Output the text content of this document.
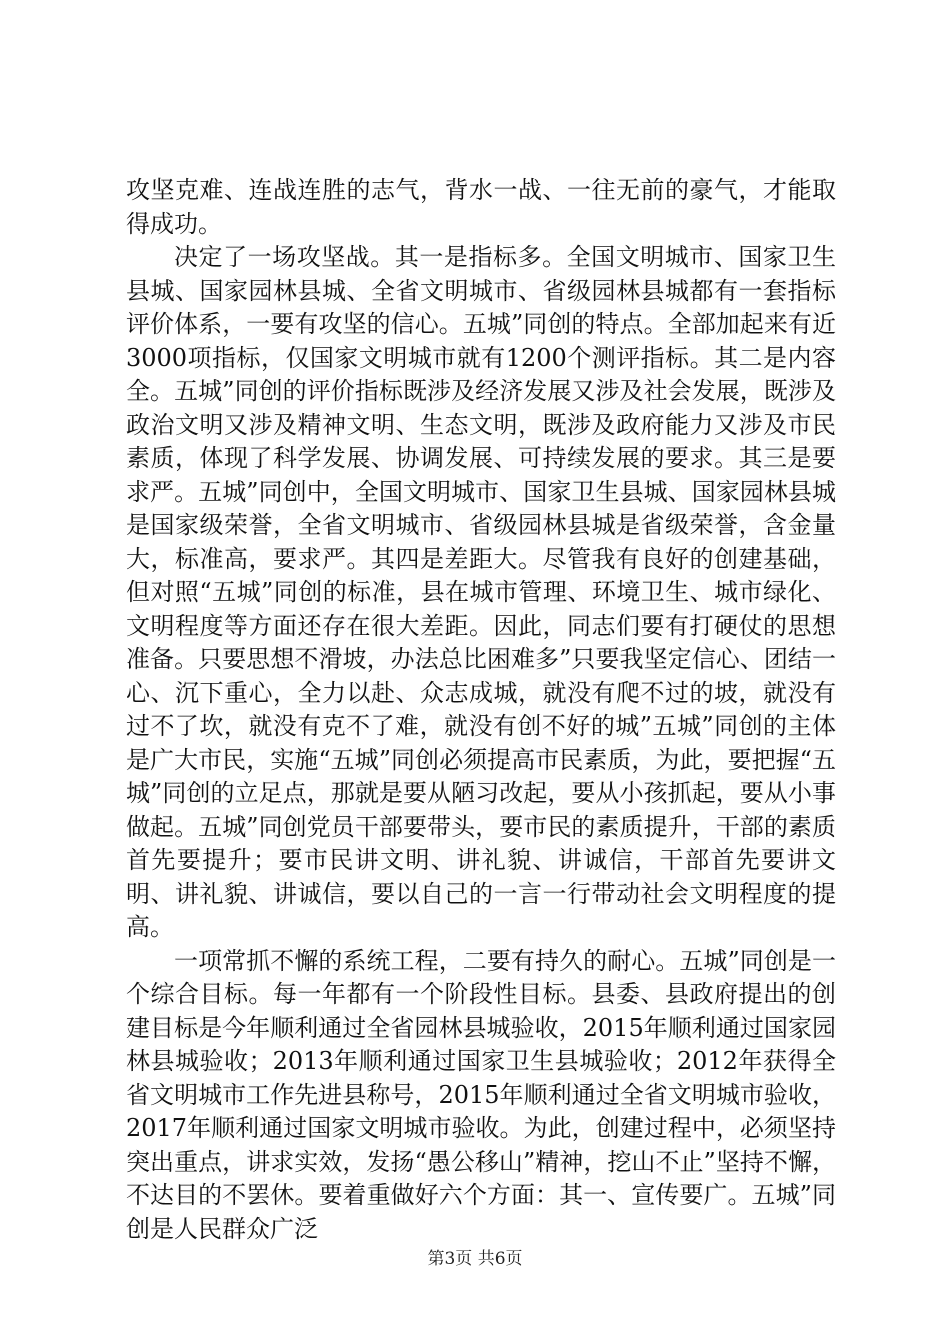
攻坚克难、连战连胜的志气，背水一战、一往无前的豪气，才能取得成功。

决定了一场攻坚战。其一是指标多。全国文明城市、国家卫生县城、国家园林县城、全省文明城市、省级园林县城都有一套指标评价体系，一要有攻坚的信心。五城”同创的特点。全部加起来有近3000项指标，仅国家文明城市就有1200个测评指标。其二是内容全。五城”同创的评价指标既涉及经济发展又涉及社会发展，既涉及政治文明又涉及精神文明、生态文明，既涉及政府能力又涉及市民素质，体现了科学发展、协调发展、可持续发展的要求。其三是要求严。五城”同创中，全国文明城市、国家卫生县城、国家园林县城是国家级荣誉，全省文明城市、省级园林县城是省级荣誉，含金量大，标准高，要求严。其四是差距大。尽管我有良好的创建基础，但对照“五城”同创的标准，县在城市管理、环境卫生、城市绿化、文明程度等方面还存在很大差距。因此，同志们要有打硬仗的思想准备。只要思想不滑坡，办法总比困难多”只要我坚定信心、团结一心、沉下重心，全力以赴、众志成城，就没有爬不过的坡，就没有过不了坎，就没有克不了难，就没有创不好的城”五城”同创的主体是广大市民，实施“五城”同创必须提高市民素质，为此，要把握“五城”同创的立足点，那就是要从陋习改起，要从小孩抓起，要从小事做起。五城”同创党员干部要带头，要市民的素质提升，干部的素质首先要提升；要市民讲文明、讲礼貌、讲诚信，干部首先要讲文明、讲礼貌、讲诚信，要以自己的一言一行带动社会文明程度的提高。

一项常抓不懈的系统工程，二要有持久的耐心。五城”同创是一个综合目标。每一年都有一个阶段性目标。县委、县政府提出的创建目标是今年顺利通过全省园林县城验收，2015年顺利通过国家园林县城验收；2013年顺利通过国家卫生县城验收；2012年获得全省文明城市工作先进县称号，2015年顺利通过全省文明城市验收，2017年顺利通过国家文明城市验收。为此，创建过程中，必须坚持突出重点，讲求实效，发扬“愚公移山”精神，挖山不止”坚持不懈，不达目的不罢休。要着重做好六个方面：其一、宣传要广。五城”同创是人民群众广泛

第3页 共6页
